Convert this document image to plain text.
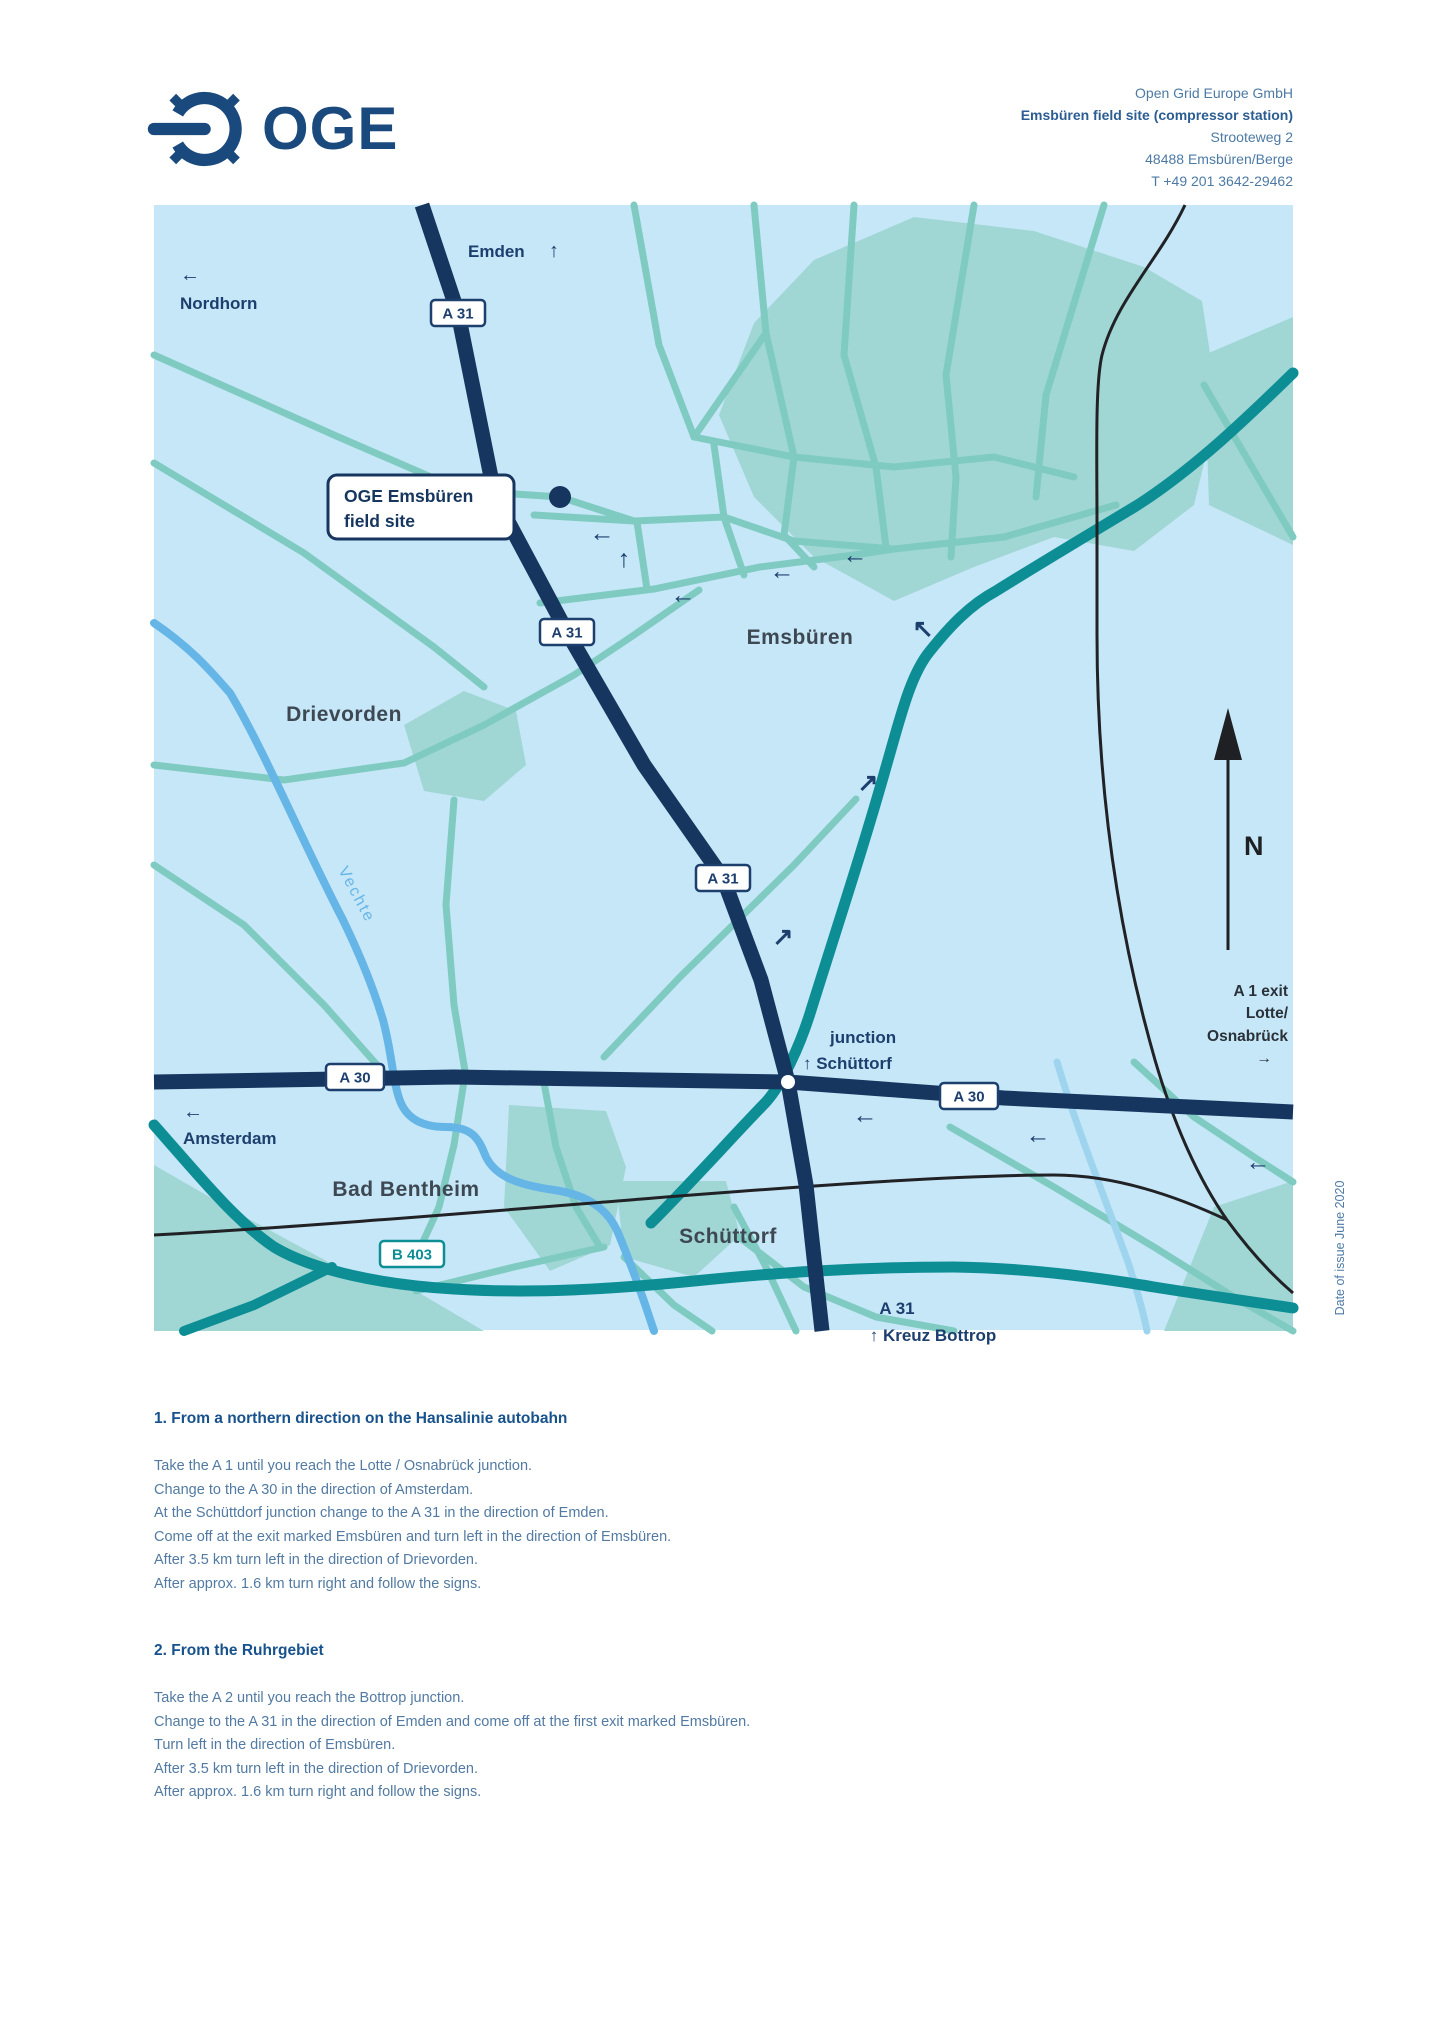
OGE
Open Grid Europe GmbH
Emsbüren field site (compressor station)
Strooteweg 2
48488 Emsbüren/Berge
T +49 201 3642-29462
←
↑
←
←
←
↖
↗
↗
←
←
←
A 31
A 31
A 31
A 30
A 30
B 403
Emden ↑
←
Nordhorn
Emsbüren
Drievorden
Vechte
junction
↑ Schüttorf
←
Amsterdam
Bad Bentheim
Schüttorf
A 31
↑ Kreuz Bottrop
A 1 exit
Lotte/
Osnabrück
→
N
OGE Emsbüren
field site
Date of issue June 2020
1. From a northern direction on the Hansalinie autobahn

Take the A 1 until you reach the Lotte / Osnabrück junction.

Change to the A 30 in the direction of Amsterdam.

At the Schüttdorf junction change to the A 31 in the direction of Emden.

Come off at the exit marked Emsbüren and turn left in the direction of Emsbüren.

After 3.5 km turn left in the direction of Drievorden.

After approx. 1.6 km turn right and follow the signs.

2. From the Ruhrgebiet

Take the A 2 until you reach the Bottrop junction.

Change to the A 31 in the direction of Emden and come off at the first exit marked Emsbüren.

Turn left in the direction of Emsbüren.

After 3.5 km turn left in the direction of Drievorden.

After approx. 1.6 km turn right and follow the signs.
